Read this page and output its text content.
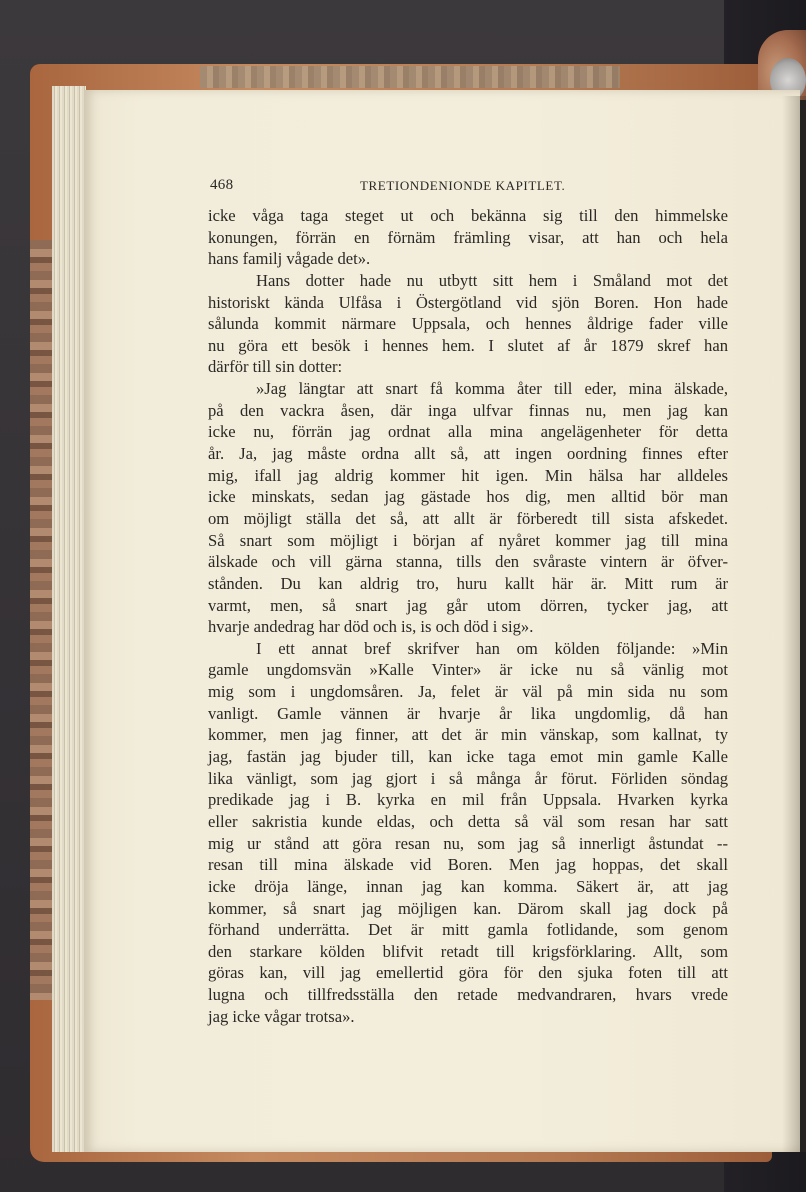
468	TRETIONDENIONDE KAPITLET.
icke våga taga steget ut och bekänna sig till den himmelske
konungen, förrän en förnäm främling visar, att han och hela
hans familj vågade det».
Hans dotter hade nu utbytt sitt hem i Småland mot det
historiskt kända Ulfåsa i Östergötland vid sjön Boren. Hon hade
sålunda kommit närmare Uppsala, och hennes åldrige fader ville
nu göra ett besök i hennes hem. I slutet af år 1879 skref han
därför till sin dotter:
»Jag längtar att snart få komma åter till eder, mina älskade,
på den vackra åsen, där inga ulfvar finnas nu, men jag kan
icke nu, förrän jag ordnat alla mina angelägenheter för detta
år. Ja, jag måste ordna allt så, att ingen oordning finnes efter
mig, ifall jag aldrig kommer hit igen. Min hälsa har alldeles
icke minskats, sedan jag gästade hos dig, men alltid bör man
om möjligt ställa det så, att allt är förberedt till sista afskedet.
Så snart som möjligt i början af nyåret kommer jag till mina
älskade och vill gärna stanna, tills den svåraste vintern är öfver-
stånden. Du kan aldrig tro, huru kallt här är. Mitt rum är
varmt, men, så snart jag går utom dörren, tycker jag, att
hvarje andedrag har död och is, is och död i sig».
I ett annat bref skrifver han om kölden följande: »Min
gamle ungdomsvän »Kalle Vinter» är icke nu så vänlig mot
mig som i ungdomsåren. Ja, felet är väl på min sida nu som
vanligt. Gamle vännen är hvarje år lika ungdomlig, då han
kommer, men jag finner, att det är min vänskap, som kallnat, ty
jag, fastän jag bjuder till, kan icke taga emot min gamle Kalle
lika vänligt, som jag gjort i så många år förut. Förliden söndag
predikade jag i B. kyrka en mil från Uppsala. Hvarken kyrka
eller sakristia kunde eldas, och detta så väl som resan har satt
mig ur stånd att göra resan nu, som jag så innerligt åstundat --
resan till mina älskade vid Boren. Men jag hoppas, det skall
icke dröja länge, innan jag kan komma. Säkert är, att jag
kommer, så snart jag möjligen kan. Därom skall jag dock på
förhand underrätta. Det är mitt gamla fotlidande, som genom
den starkare kölden blifvit retadt till krigsförklaring. Allt, som
göras kan, vill jag emellertid göra för den sjuka foten till att
lugna och tillfredsställa den retade medvandraren, hvars vrede
jag icke vågar trotsa».
